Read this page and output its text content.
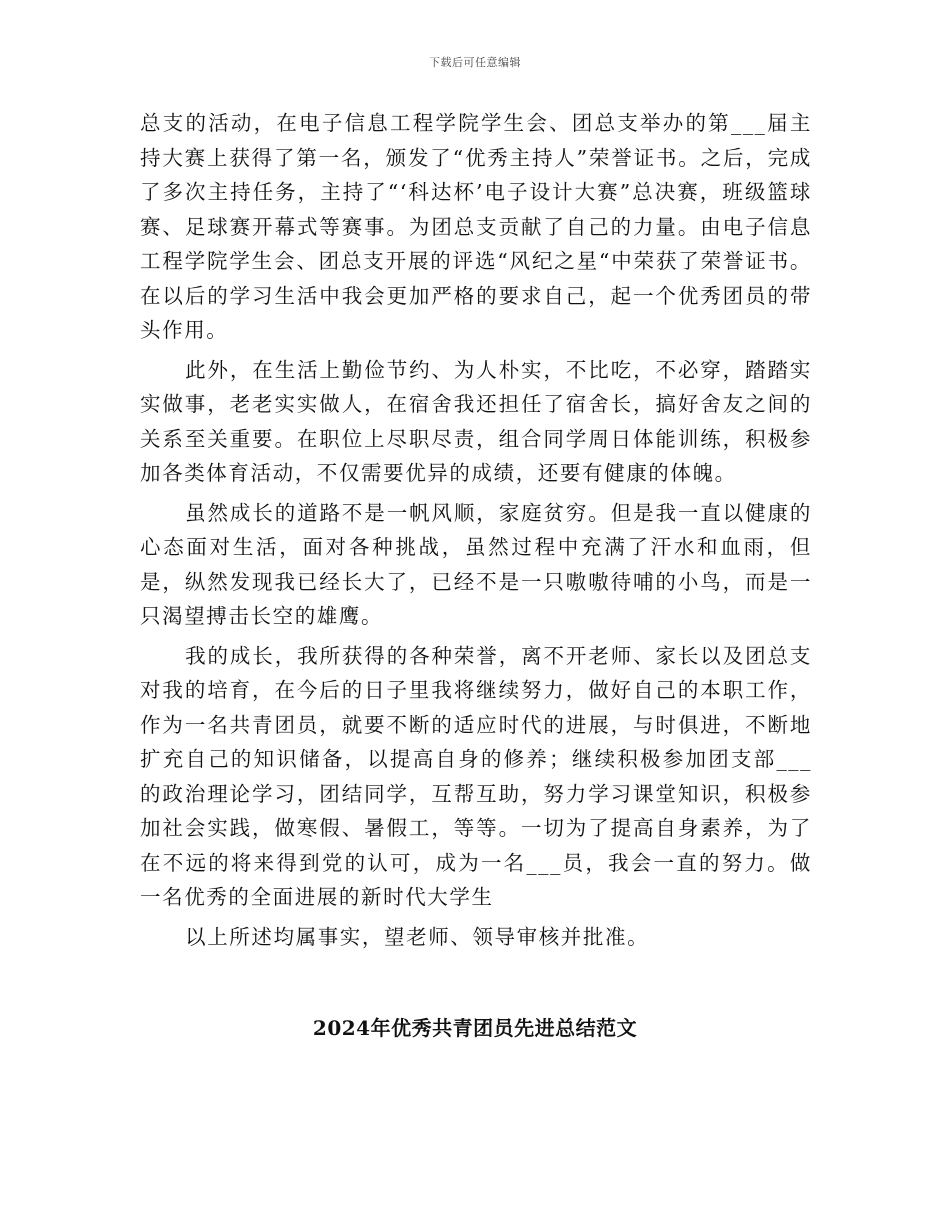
下载后可任意编辑

总支的活动，在电子信息工程学院学生会、团总支举办的第___届主持大赛上获得了第一名，颁发了“优秀主持人”荣誉证书。之后，完成了多次主持任务，主持了“‘科达杯’电子设计大赛”总决赛，班级篮球赛、足球赛开幕式等赛事。为团总支贡献了自己的力量。由电子信息工程学院学生会、团总支开展的评选“风纪之星“中荣获了荣誉证书。在以后的学习生活中我会更加严格的要求自己，起一个优秀团员的带头作用。

此外，在生活上勤俭节约、为人朴实，不比吃，不必穿，踏踏实实做事，老老实实做人，在宿舍我还担任了宿舍长，搞好舍友之间的关系至关重要。在职位上尽职尽责，组合同学周日体能训练，积极参加各类体育活动，不仅需要优异的成绩，还要有健康的体魄。

虽然成长的道路不是一帆风顺，家庭贫穷。但是我一直以健康的心态面对生活，面对各种挑战，虽然过程中充满了汗水和血雨，但是，纵然发现我已经长大了，已经不是一只嗷嗷待哺的小鸟，而是一只渴望搏击长空的雄鹰。

我的成长，我所获得的各种荣誉，离不开老师、家长以及团总支对我的培育，在今后的日子里我将继续努力，做好自己的本职工作，作为一名共青团员，就要不断的适应时代的进展，与时俱进，不断地扩充自己的知识储备，以提高自身的修养；继续积极参加团支部___的政治理论学习，团结同学，互帮互助，努力学习课堂知识，积极参加社会实践，做寒假、暑假工，等等。一切为了提高自身素养，为了在不远的将来得到党的认可，成为一名___员，我会一直的努力。做一名优秀的全面进展的新时代大学生

以上所述均属事实，望老师、领导审核并批准。

2024年优秀共青团员先进总结范文
